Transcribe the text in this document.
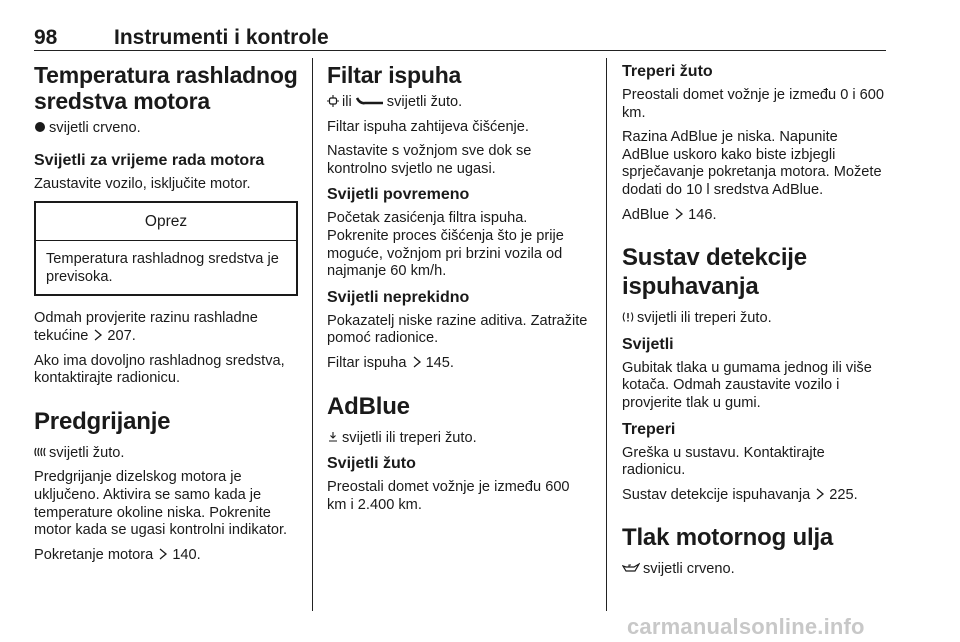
98	Instrumenti i kontrole
Temperatura rashladnog sredstva motora

svijetli crveno.

Svijetli za vrijeme rada motora

Zaustavite vozilo, isključite motor.

Oprez
Temperatura rashladnog sredstva je previsoka.

Odmah provjerite razinu rashladne tekućine 207.

Ako ima dovoljno rashladnog sredstva, kontaktirajte radionicu.

Predgrijanje

svijetli žuto.

Predgrijanje dizelskog motora je uključeno. Aktivira se samo kada je temperature okoline niska. Pokrenite motor kada se ugasi kontrolni indikator.

Pokretanje motora 140.

Filtar ispuha

ili svijetli žuto.

Filtar ispuha zahtijeva čišćenje.

Nastavite s vožnjom sve dok se kontrolno svjetlo ne ugasi.

Svijetli povremeno

Početak zasićenja filtra ispuha. Pokrenite proces čišćenja što je prije moguće, vožnjom pri brzini vozila od najmanje 60 km/h.

Svijetli neprekidno

Pokazatelj niske razine aditiva. Zatražite pomoć radionice.

Filtar ispuha 145.

AdBlue

svijetli ili treperi žuto.

Svijetli žuto

Preostali domet vožnje je između 600 km i 2.400 km.

Treperi žuto

Preostali domet vožnje je između 0 i 600 km.

Razina AdBlue je niska. Napunite AdBlue uskoro kako biste izbjegli sprječavanje pokretanja motora. Možete dodati do 10 l sredstva AdBlue.

AdBlue 146.

Sustav detekcije ispuhavanja

svijetli ili treperi žuto.

Svijetli

Gubitak tlaka u gumama jednog ili više kotača. Odmah zaustavite vozilo i provjerite tlak u gumi.

Treperi

Greška u sustavu. Kontaktirajte radionicu.

Sustav detekcije ispuhavanja 225.

Tlak motornog ulja

svijetli crveno.

carmanualsonline.info
